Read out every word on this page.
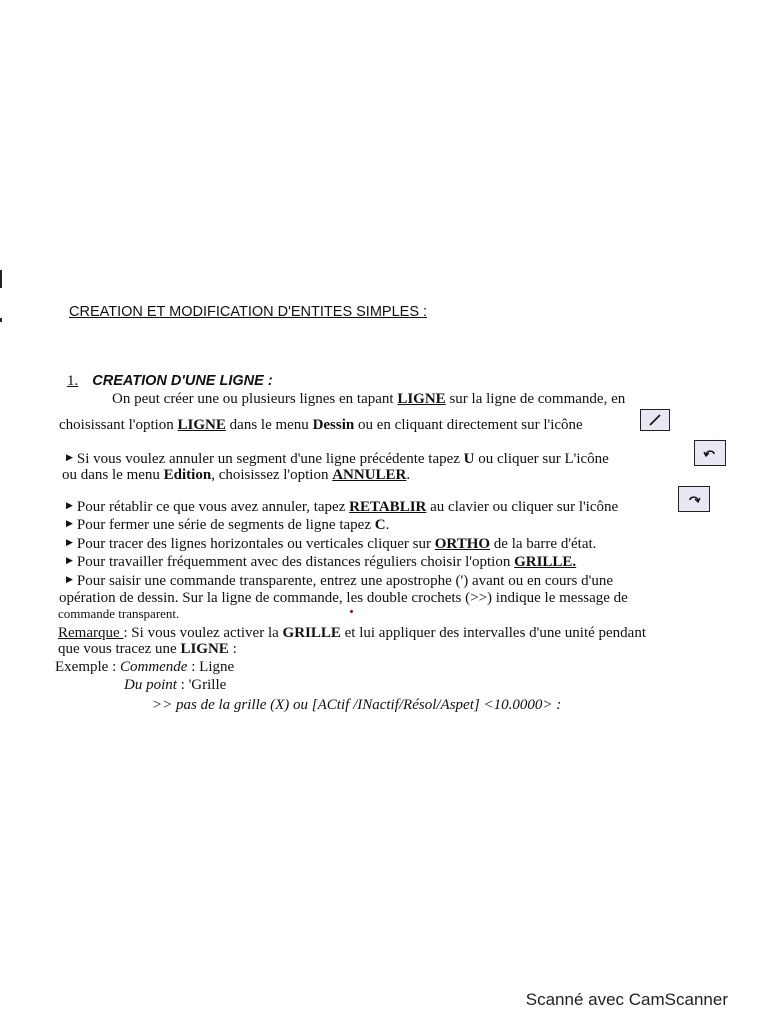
CREATION ET MODIFICATION D'ENTITES SIMPLES :
1. CREATION D'UNE LIGNE :
On peut créer une ou plusieurs lignes en tapant LIGNE sur la ligne de commande, en
choisissant l'option LIGNE dans le menu Dessin ou en cliquant directement sur l'icône
▶ Si vous voulez annuler un segment d'une ligne précédente tapez U ou cliquer sur L'icône
ou dans le menu Edition, choisissez l'option ANNULER.
▶ Pour rétablir ce que vous avez annuler, tapez RETABLIR au clavier ou cliquer sur l'icône
▶ Pour fermer une série de segments de ligne tapez C.
▶ Pour tracer des lignes horizontales ou verticales cliquer sur ORTHO de la barre d'état.
▶ Pour travailler fréquemment avec des distances réguliers choisir l'option GRILLE.
▶ Pour saisir une commande transparente, entrez une apostrophe (') avant ou en cours d'une
opération de dessin. Sur la ligne de commande, les double crochets (>>) indique le message de
commande transparent.
Remarque : Si vous voulez activer la GRILLE et lui appliquer des intervalles d'une unité pendant
que vous tracez une LIGNE :
Exemple : Commende : Ligne
Du point : 'Grille
>> pas de la grille (X) ou [ACtif /INactif/Résol/Aspet] <10.0000> :
Scanné avec CamScanner
